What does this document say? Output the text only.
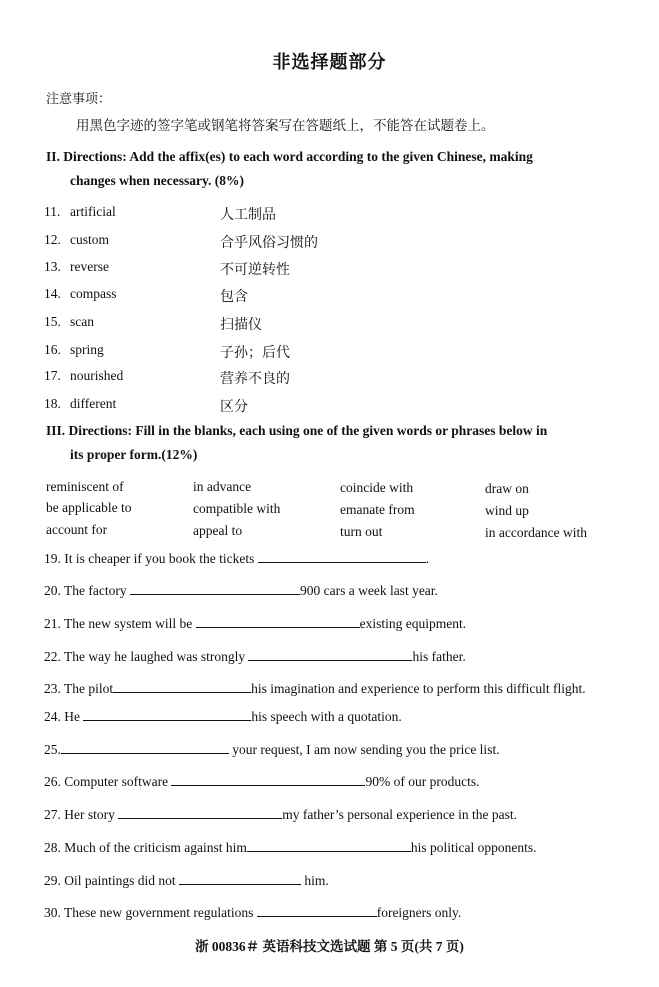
非选择题部分
注意事项：
用黑色字迹的签字笔或钢笔将答案写在答题纸上，不能答在试题卷上。
II. Directions: Add the affix(es) to each word according to the given Chinese, making
changes when necessary. (8%)
11. artificial	人工制品
12. custom	合乎风俗习惯的
13. reverse	不可逆转性
14. compass	包含
15. scan	扫描仪
16. spring	子孙；后代
17. nourished	营养不良的
18. different	区分
III. Directions: Fill in the blanks, each using one of the given words or phrases below in
its proper form.(12%)
reminiscent of	in advance	coincide with	draw on
be applicable to	compatible with	emanate from	wind up
account for	appeal to	turn out	in accordance with
19. It is cheaper if you book the tickets	.
20. The factory	900 cars a week last year.
21. The new system will be	existing equipment.
22. The way he laughed was strongly	his father.
23. The pilot	his imagination and experience to perform this difficult flight.
24. He	his speech with a quotation.
25.	your request, I am now sending you the price list.
26. Computer software	90% of our products.
27. Her story	my father’s personal experience in the past.
28. Much of the criticism against him	his political opponents.
29. Oil paintings did not	him.
30. These new government regulations	foreigners only.
浙 00836＃ 英语科技文选试题 第 5 页(共 7 页)
